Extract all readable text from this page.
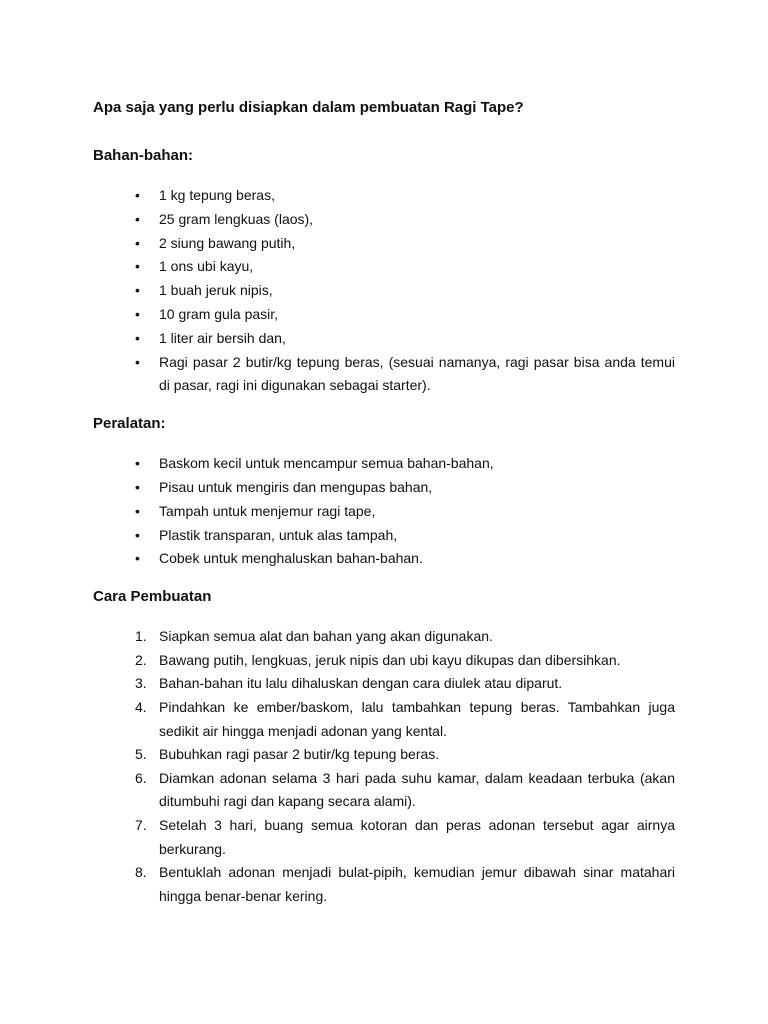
Apa saja yang perlu disiapkan dalam pembuatan Ragi Tape?

Bahan-bahan:

• 1 kg tepung beras,
• 25 gram lengkuas (laos),
• 2 siung bawang putih,
• 1 ons ubi kayu,
• 1 buah jeruk nipis,
• 10 gram gula pasir,
• 1 liter air bersih dan,
• Ragi pasar 2 butir/kg tepung beras, (sesuai namanya, ragi pasar bisa anda temui di pasar, ragi ini digunakan sebagai starter).

Peralatan:

• Baskom kecil untuk mencampur semua bahan-bahan,
• Pisau untuk mengiris dan mengupas bahan,
• Tampah untuk menjemur ragi tape,
• Plastik transparan, untuk alas tampah,
• Cobek untuk menghaluskan bahan-bahan.

Cara Pembuatan

1. Siapkan semua alat dan bahan yang akan digunakan.
2. Bawang putih, lengkuas, jeruk nipis dan ubi kayu dikupas dan dibersihkan.
3. Bahan-bahan itu lalu dihaluskan dengan cara diulek atau diparut.
4. Pindahkan ke ember/baskom, lalu tambahkan tepung beras. Tambahkan juga sedikit air hingga menjadi adonan yang kental.
5. Bubuhkan ragi pasar 2 butir/kg tepung beras.
6. Diamkan adonan selama 3 hari pada suhu kamar, dalam keadaan terbuka (akan ditumbuhi ragi dan kapang secara alami).
7. Setelah 3 hari, buang semua kotoran dan peras adonan tersebut agar airnya berkurang.
8. Bentuklah adonan menjadi bulat-pipih, kemudian jemur dibawah sinar matahari hingga benar-benar kering.
